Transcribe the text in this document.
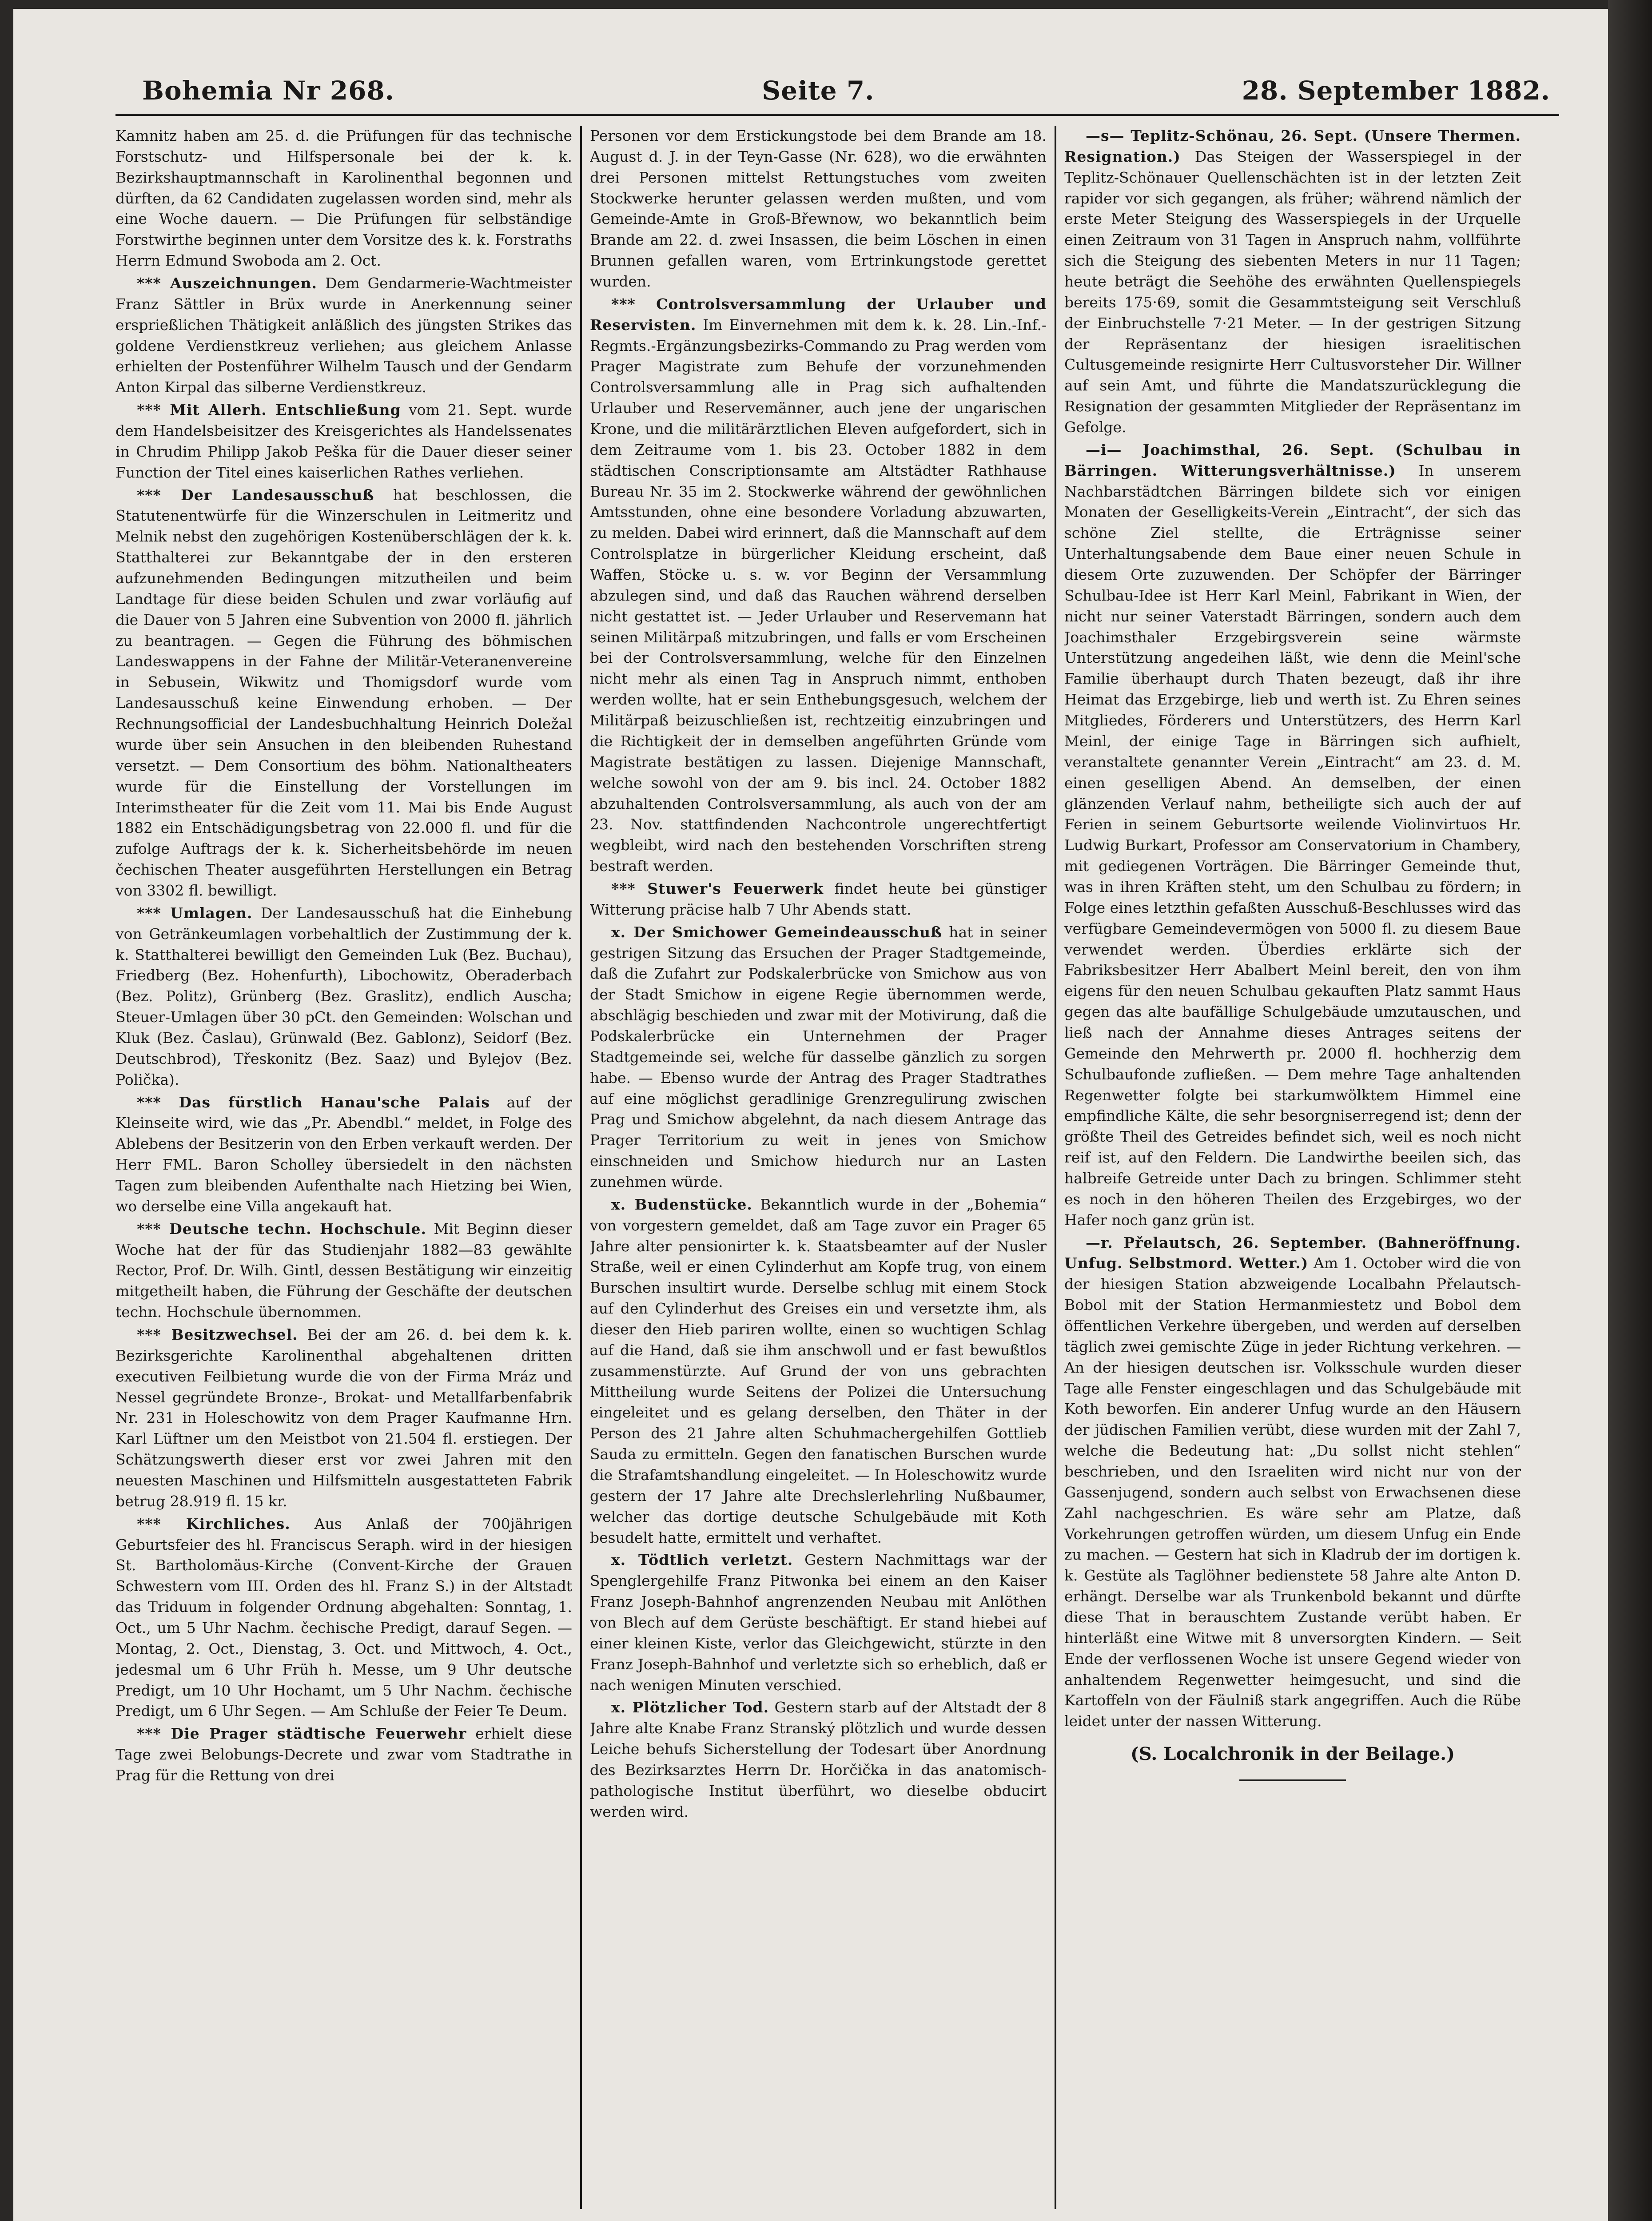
Bohemia Nr 268.	Seite 7.	28. September 1882.

Kamnitz haben am 25. d. die Prüfungen für das technische Forstschutz- und Hilfspersonale bei der k. k. Bezirkshauptmannschaft in Karolinenthal begonnen und dürften, da 62 Candidaten zugelassen worden sind, mehr als eine Woche dauern. — Die Prüfungen für selbständige Forstwirthe beginnen unter dem Vorsitze des k. k. Forstraths Herrn Edmund Swoboda am 2. Oct.

*** Auszeichnungen. Dem Gendarmerie-Wachtmeister Franz Sättler in Brüx wurde in Anerkennung seiner ersprießlichen Thätigkeit anläßlich des jüngsten Strikes das goldene Verdienstkreuz verliehen; aus gleichem Anlasse erhielten der Postenführer Wilhelm Tausch und der Gendarm Anton Kirpal das silberne Verdienstkreuz.

*** Mit Allerh. Entschließung vom 21. Sept. wurde dem Handelsbeisitzer des Kreisgerichtes als Handelssenates in Chrudim Philipp Jakob Peška für die Dauer dieser seiner Function der Titel eines kaiserlichen Rathes verliehen.

*** Der Landesausschuß hat beschlossen, die Statutenentwürfe für die Winzerschulen in Leitmeritz und Melnik nebst den zugehörigen Kostenüberschlägen der k. k. Statthalterei zur Bekanntgabe der in den ersteren aufzunehmenden Bedingungen mitzutheilen und beim Landtage für diese beiden Schulen und zwar vorläufig auf die Dauer von 5 Jahren eine Subvention von 2000 fl. jährlich zu beantragen. — Gegen die Führung des böhmischen Landeswappens in der Fahne der Militär-Veteranenvereine in Sebusein, Wikwitz und Thomigsdorf wurde vom Landesausschuß keine Einwendung erhoben. — Der Rechnungsofficial der Landesbuchhaltung Heinrich Doležal wurde über sein Ansuchen in den bleibenden Ruhestand versetzt. — Dem Consortium des böhm. Nationaltheaters wurde für die Einstellung der Vorstellungen im Interimstheater für die Zeit vom 11. Mai bis Ende August 1882 ein Entschädigungsbetrag von 22.000 fl. und für die zufolge Auftrags der k. k. Sicherheitsbehörde im neuen čechischen Theater ausgeführten Herstellungen ein Betrag von 3302 fl. bewilligt.

*** Umlagen. Der Landesausschuß hat die Einhebung von Getränkeumlagen vorbehaltlich der Zustimmung der k. k. Statthalterei bewilligt den Gemeinden Luk (Bez. Buchau), Friedberg (Bez. Hohenfurth), Libochowitz, Oberaderbach (Bez. Politz), Grünberg (Bez. Graslitz), endlich Auscha; Steuer-Umlagen über 30 pCt. den Gemeinden: Wolschan und Kluk (Bez. Časlau), Grünwald (Bez. Gablonz), Seidorf (Bez. Deutschbrod), Třeskonitz (Bez. Saaz) und Bylejov (Bez. Polička).

*** Das fürstlich Hanau'sche Palais auf der Kleinseite wird, wie das „Pr. Abendbl.“ meldet, in Folge des Ablebens der Besitzerin von den Erben verkauft werden. Der Herr FML. Baron Scholley übersiedelt in den nächsten Tagen zum bleibenden Aufenthalte nach Hietzing bei Wien, wo derselbe eine Villa angekauft hat.

*** Deutsche techn. Hochschule. Mit Beginn dieser Woche hat der für das Studienjahr 1882—83 gewählte Rector, Prof. Dr. Wilh. Gintl, dessen Bestätigung wir einzeitig mitgetheilt haben, die Führung der Geschäfte der deutschen techn. Hochschule übernommen.

*** Besitzwechsel. Bei der am 26. d. bei dem k. k. Bezirksgerichte Karolinenthal abgehaltenen dritten executiven Feilbietung wurde die von der Firma Mráz und Nessel gegründete Bronze-, Brokat- und Metallfarbenfabrik Nr. 231 in Holeschowitz von dem Prager Kaufmanne Hrn. Karl Lüftner um den Meistbot von 21.504 fl. erstiegen. Der Schätzungswerth dieser erst vor zwei Jahren mit den neuesten Maschinen und Hilfsmitteln ausgestatteten Fabrik betrug 28.919 fl. 15 kr.

*** Kirchliches. Aus Anlaß der 700jährigen Geburtsfeier des hl. Franciscus Seraph. wird in der hiesigen St. Bartholomäus-Kirche (Convent-Kirche der Grauen Schwestern vom III. Orden des hl. Franz S.) in der Altstadt das Triduum in folgender Ordnung abgehalten: Sonntag, 1. Oct., um 5 Uhr Nachm. čechische Predigt, darauf Segen. — Montag, 2. Oct., Dienstag, 3. Oct. und Mittwoch, 4. Oct., jedesmal um 6 Uhr Früh h. Messe, um 9 Uhr deutsche Predigt, um 10 Uhr Hochamt, um 5 Uhr Nachm. čechische Predigt, um 6 Uhr Segen. — Am Schluße der Feier Te Deum.

*** Die Prager städtische Feuerwehr erhielt diese Tage zwei Belobungs-Decrete und zwar vom Stadtrathe in Prag für die Rettung von drei

Personen vor dem Erstickungstode bei dem Brande am 18. August d. J. in der Teyn-Gasse (Nr. 628), wo die erwähnten drei Personen mittelst Rettungstuches vom zweiten Stockwerke herunter gelassen werden mußten, und vom Gemeinde-Amte in Groß-Břewnow, wo bekanntlich beim Brande am 22. d. zwei Insassen, die beim Löschen in einen Brunnen gefallen waren, vom Ertrinkungstode gerettet wurden.

*** Controlsversammlung der Urlauber und Reservisten. Im Einvernehmen mit dem k. k. 28. Lin.-Inf.-Regmts.-Ergänzungsbezirks-Commando zu Prag werden vom Prager Magistrate zum Behufe der vorzunehmenden Controlsversammlung alle in Prag sich aufhaltenden Urlauber und Reservemänner, auch jene der ungarischen Krone, und die militärärztlichen Eleven aufgefordert, sich in dem Zeitraume vom 1. bis 23. October 1882 in dem städtischen Conscriptionsamte am Altstädter Rathhause Bureau Nr. 35 im 2. Stockwerke während der gewöhnlichen Amtsstunden, ohne eine besondere Vorladung abzuwarten, zu melden. Dabei wird erinnert, daß die Mannschaft auf dem Controlsplatze in bürgerlicher Kleidung erscheint, daß Waffen, Stöcke u. s. w. vor Beginn der Versammlung abzulegen sind, und daß das Rauchen während derselben nicht gestattet ist. — Jeder Urlauber und Reservemann hat seinen Militärpaß mitzubringen, und falls er vom Erscheinen bei der Controlsversammlung, welche für den Einzelnen nicht mehr als einen Tag in Anspruch nimmt, enthoben werden wollte, hat er sein Enthebungsgesuch, welchem der Militärpaß beizuschließen ist, rechtzeitig einzubringen und die Richtigkeit der in demselben angeführten Gründe vom Magistrate bestätigen zu lassen. Diejenige Mannschaft, welche sowohl von der am 9. bis incl. 24. October 1882 abzuhaltenden Controlsversammlung, als auch von der am 23. Nov. stattfindenden Nachcontrole ungerechtfertigt wegbleibt, wird nach den bestehenden Vorschriften streng bestraft werden.

*** Stuwer's Feuerwerk findet heute bei günstiger Witterung präcise halb 7 Uhr Abends statt.

x. Der Smichower Gemeindeausschuß hat in seiner gestrigen Sitzung das Ersuchen der Prager Stadtgemeinde, daß die Zufahrt zur Podskalerbrücke von Smichow aus von der Stadt Smichow in eigene Regie übernommen werde, abschlägig beschieden und zwar mit der Motivirung, daß die Podskalerbrücke ein Unternehmen der Prager Stadtgemeinde sei, welche für dasselbe gänzlich zu sorgen habe. — Ebenso wurde der Antrag des Prager Stadtrathes auf eine möglichst geradlinige Grenzregulirung zwischen Prag und Smichow abgelehnt, da nach diesem Antrage das Prager Territorium zu weit in jenes von Smichow einschneiden und Smichow hiedurch nur an Lasten zunehmen würde.

x. Budenstücke. Bekanntlich wurde in der „Bohemia“ von vorgestern gemeldet, daß am Tage zuvor ein Prager 65 Jahre alter pensionirter k. k. Staatsbeamter auf der Nusler Straße, weil er einen Cylinderhut am Kopfe trug, von einem Burschen insultirt wurde. Derselbe schlug mit einem Stock auf den Cylinderhut des Greises ein und versetzte ihm, als dieser den Hieb pariren wollte, einen so wuchtigen Schlag auf die Hand, daß sie ihm anschwoll und er fast bewußtlos zusammenstürzte. Auf Grund der von uns gebrachten Mittheilung wurde Seitens der Polizei die Untersuchung eingeleitet und es gelang derselben, den Thäter in der Person des 21 Jahre alten Schuhmachergehilfen Gottlieb Sauda zu ermitteln. Gegen den fanatischen Burschen wurde die Strafamtshandlung eingeleitet. — In Holeschowitz wurde gestern der 17 Jahre alte Drechslerlehrling Nußbaumer, welcher das dortige deutsche Schulgebäude mit Koth besudelt hatte, ermittelt und verhaftet.

x. Tödtlich verletzt. Gestern Nachmittags war der Spenglergehilfe Franz Pitwonka bei einem an den Kaiser Franz Joseph-Bahnhof angrenzenden Neubau mit Anlöthen von Blech auf dem Gerüste beschäftigt. Er stand hiebei auf einer kleinen Kiste, verlor das Gleichgewicht, stürzte in den Franz Joseph-Bahnhof und verletzte sich so erheblich, daß er nach wenigen Minuten verschied.

x. Plötzlicher Tod. Gestern starb auf der Altstadt der 8 Jahre alte Knabe Franz Stranský plötzlich und wurde dessen Leiche behufs Sicherstellung der Todesart über Anordnung des Bezirksarztes Herrn Dr. Horčička in das anatomisch-pathologische Institut überführt, wo dieselbe obducirt werden wird.

—s— Teplitz-Schönau, 26. Sept. (Unsere Thermen. Resignation.) Das Steigen der Wasserspiegel in der Teplitz-Schönauer Quellenschächten ist in der letzten Zeit rapider vor sich gegangen, als früher; während nämlich der erste Meter Steigung des Wasserspiegels in der Urquelle einen Zeitraum von 31 Tagen in Anspruch nahm, vollführte sich die Steigung des siebenten Meters in nur 11 Tagen; heute beträgt die Seehöhe des erwähnten Quellenspiegels bereits 175·69, somit die Gesammtsteigung seit Verschluß der Einbruchstelle 7·21 Meter. — In der gestrigen Sitzung der Repräsentanz der hiesigen israelitischen Cultusgemeinde resignirte Herr Cultusvorsteher Dir. Willner auf sein Amt, und führte die Mandatszurücklegung die Resignation der gesammten Mitglieder der Repräsentanz im Gefolge.

—i— Joachimsthal, 26. Sept. (Schulbau in Bärringen. Witterungsverhältnisse.) In unserem Nachbarstädtchen Bärringen bildete sich vor einigen Monaten der Geselligkeits-Verein „Eintracht“, der sich das schöne Ziel stellte, die Erträgnisse seiner Unterhaltungsabende dem Baue einer neuen Schule in diesem Orte zuzuwenden. Der Schöpfer der Bärringer Schulbau-Idee ist Herr Karl Meinl, Fabrikant in Wien, der nicht nur seiner Vaterstadt Bärringen, sondern auch dem Joachimsthaler Erzgebirgsverein seine wärmste Unterstützung angedeihen läßt, wie denn die Meinl'sche Familie überhaupt durch Thaten bezeugt, daß ihr ihre Heimat das Erzgebirge, lieb und werth ist. Zu Ehren seines Mitgliedes, Förderers und Unterstützers, des Herrn Karl Meinl, der einige Tage in Bärringen sich aufhielt, veranstaltete genannter Verein „Eintracht“ am 23. d. M. einen geselligen Abend. An demselben, der einen glänzenden Verlauf nahm, betheiligte sich auch der auf Ferien in seinem Geburtsorte weilende Violinvirtuos Hr. Ludwig Burkart, Professor am Conservatorium in Chambery, mit gediegenen Vorträgen. Die Bärringer Gemeinde thut, was in ihren Kräften steht, um den Schulbau zu fördern; in Folge eines letzthin gefaßten Ausschuß-Beschlusses wird das verfügbare Gemeindevermögen von 5000 fl. zu diesem Baue verwendet werden. Überdies erklärte sich der Fabriksbesitzer Herr Abalbert Meinl bereit, den von ihm eigens für den neuen Schulbau gekauften Platz sammt Haus gegen das alte baufällige Schulgebäude umzutauschen, und ließ nach der Annahme dieses Antrages seitens der Gemeinde den Mehrwerth pr. 2000 fl. hochherzig dem Schulbaufonde zufließen. — Dem mehre Tage anhaltenden Regenwetter folgte bei starkumwölktem Himmel eine empfindliche Kälte, die sehr besorgniserregend ist; denn der größte Theil des Getreides befindet sich, weil es noch nicht reif ist, auf den Feldern. Die Landwirthe beeilen sich, das halbreife Getreide unter Dach zu bringen. Schlimmer steht es noch in den höheren Theilen des Erzgebirges, wo der Hafer noch ganz grün ist.

—r. Přelautsch, 26. September. (Bahneröffnung. Unfug. Selbstmord. Wetter.) Am 1. October wird die von der hiesigen Station abzweigende Localbahn Přelautsch-Bobol mit der Station Hermanmiestetz und Bobol dem öffentlichen Verkehre übergeben, und werden auf derselben täglich zwei gemischte Züge in jeder Richtung verkehren. — An der hiesigen deutschen isr. Volksschule wurden dieser Tage alle Fenster eingeschlagen und das Schulgebäude mit Koth beworfen. Ein anderer Unfug wurde an den Häusern der jüdischen Familien verübt, diese wurden mit der Zahl 7, welche die Bedeutung hat: „Du sollst nicht stehlen“ beschrieben, und den Israeliten wird nicht nur von der Gassenjugend, sondern auch selbst von Erwachsenen diese Zahl nachgeschrien. Es wäre sehr am Platze, daß Vorkehrungen getroffen würden, um diesem Unfug ein Ende zu machen. — Gestern hat sich in Kladrub der im dortigen k. k. Gestüte als Taglöhner bedienstete 58 Jahre alte Anton D. erhängt. Derselbe war als Trunkenbold bekannt und dürfte diese That in berauschtem Zustande verübt haben. Er hinterläßt eine Witwe mit 8 unversorgten Kindern. — Seit Ende der verflossenen Woche ist unsere Gegend wieder von anhaltendem Regenwetter heimgesucht, und sind die Kartoffeln von der Fäulniß stark angegriffen. Auch die Rübe leidet unter der nassen Witterung.

(S. Localchronik in der Beilage.)
